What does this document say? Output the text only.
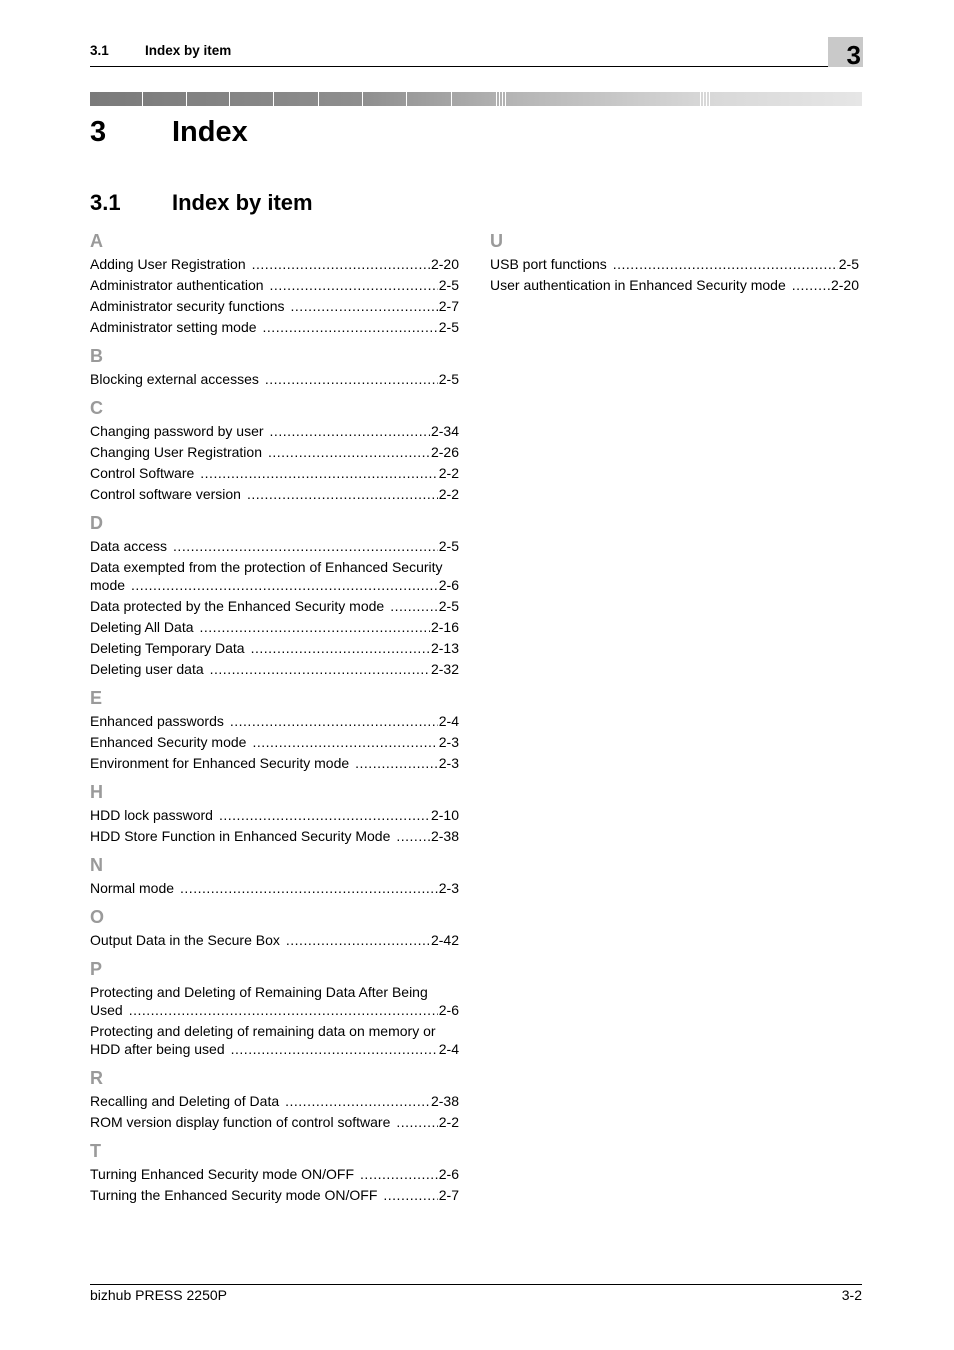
3.1	Index by item	3
3 Index
3.1 Index by item
A
Adding User Registration .....	2-20
Administrator authentication .....	2-5
Administrator security functions .....	2-7
Administrator setting mode .....	2-5
B
Blocking external accesses .....	2-5
C
Changing password by user .....	2-34
Changing User Registration .....	2-26
Control Software .....	2-2
Control software version .....	2-2
D
Data access .....	2-5
Data exempted from the protection of Enhanced Security
mode .....	2-6
Data protected by the Enhanced Security mode .....	2-5
Deleting All Data .....	2-16
Deleting Temporary Data .....	2-13
Deleting user data .....	2-32
E
Enhanced passwords .....	2-4
Enhanced Security mode .....	2-3
Environment for Enhanced Security mode .....	2-3
H
HDD lock password .....	2-10
HDD Store Function in Enhanced Security Mode .....	2-38
N
Normal mode .....	2-3
O
Output Data in the Secure Box .....	2-42
P
Protecting and Deleting of Remaining Data After Being
Used .....	2-6
Protecting and deleting of remaining data on memory or
HDD after being used .....	2-4
R
Recalling and Deleting of Data .....	2-38
ROM version display function of control software .....	2-2
T
Turning Enhanced Security mode ON/OFF .....	2-6
Turning the Enhanced Security mode ON/OFF .....	2-7
U
USB port functions .....	2-5
User authentication in Enhanced Security mode .....	2-20
bizhub PRESS 2250P	3-2
